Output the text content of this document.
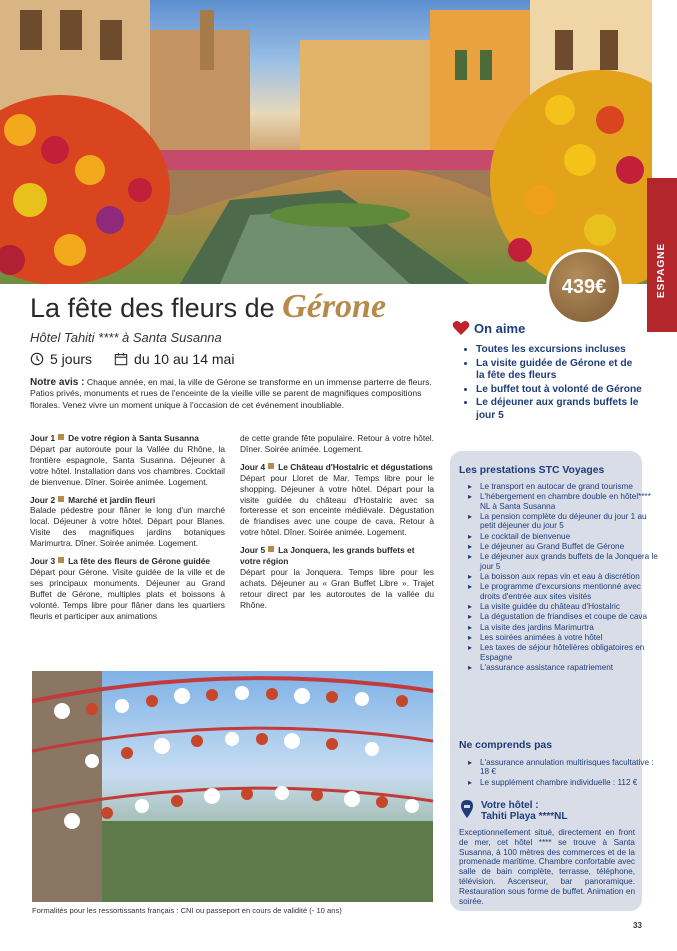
ESPAGNE
439€
La fête des fleurs de Gérone
Hôtel Tahiti **** à Santa Susanna
5 jours	du 10 au 14 mai
Notre avis : Chaque année, en mai, la ville de Gérone se transforme en un immense parterre de fleurs. Patios privés, monuments et rues de l'enceinte de la vieille ville se parent de magnifiques compositions florales. Venez vivre un moment unique à l'occasion de cet événement inoubliable.
Jour 1 De votre région à Santa Susanna

Départ par autoroute pour la Vallée du Rhône, la frontière espagnole, Santa Susanna. Déjeuner à votre hôtel. Installation dans vos chambres. Cocktail de bienvenue. Dîner. Soirée animée. Logement.

Jour 2 Marché et jardin fleuri

Balade pédestre pour flâner le long d'un marché local. Déjeuner à votre hôtel. Départ pour Blanes. Visite des magnifiques jardins botaniques Marimurtra. Dîner. Soirée animée. Logement.

Jour 3 La fête des fleurs de Gérone guidée

Départ pour Gérone. Visite guidée de la ville et de ses principaux monuments. Déjeuner au Grand Buffet de Gérone, multiples plats et boissons à volonté. Temps libre pour flâner dans les quartiers fleuris et participer aux animations

de cette grande fête populaire. Retour à votre hôtel. Dîner. Soirée animée. Logement.

Jour 4 Le Château d'Hostalric et dégustations

Départ pour Lloret de Mar. Temps libre pour le shopping. Déjeuner à votre hôtel. Départ pour la visite guidée du château d'Hostalric avec sa forteresse et son enceinte médiévale. Dégustation de friandises avec une coupe de cava. Retour à votre hôtel. Dîner. Soirée animée. Logement.

Jour 5 La Jonquera, les grands buffets et votre région

Départ pour la Jonquera. Temps libre pour les achats. Déjeuner au « Gran Buffet Libre ». Trajet retour direct par les autoroutes de la vallée du Rhône.

Formalités pour les ressortissants français : CNI ou passeport en cours de validité (- 10 ans)
On aime
• Toutes les excursions incluses
• La visite guidée de Gérone et de la fête des fleurs
• Le buffet tout à volonté de Gérone
• Le déjeuner aux grands buffets le jour 5
Les prestations STC Voyages
▸ Le transport en autocar de grand tourisme
▸ L'hébergement en chambre double en hôtel**** NL à Santa Susanna
▸ La pension complète du déjeuner du jour 1 au petit déjeuner du jour 5
▸ Le cocktail de bienvenue
▸ Le déjeuner au Grand Buffet de Gérone
▸ Le déjeuner aux grands buffets de la Jonquera le jour 5
▸ La boisson aux repas vin et eau à discrétion
▸ Le programme d'excursions mentionné avec droits d'entrée aux sites visités
▸ La visite guidée du château d'Hostalric
▸ La dégustation de friandises et coupe de cava
▸ La visite des jardins Marimurtra
▸ Les soirées animées à votre hôtel
▸ Les taxes de séjour hôtelières obligatoires en Espagne
▸ L'assurance assistance rapatriement
Ne comprends pas
▸ L'assurance annulation multirisques facultative : 18 €
▸ Le supplément chambre individuelle : 112 €
Votre hôtel :
Tahiti Playa ****NL

Exceptionnellement situé, directement en front de mer, cet hôtel **** se trouve à Santa Susanna, à 100 mètres des commerces et de la promenade maritime. Chambre confortable avec salle de bain complète, terrasse, téléphone, télévision. Ascenseur, bar panoramique. Restauration sous forme de buffet. Animation en soirée.

33
